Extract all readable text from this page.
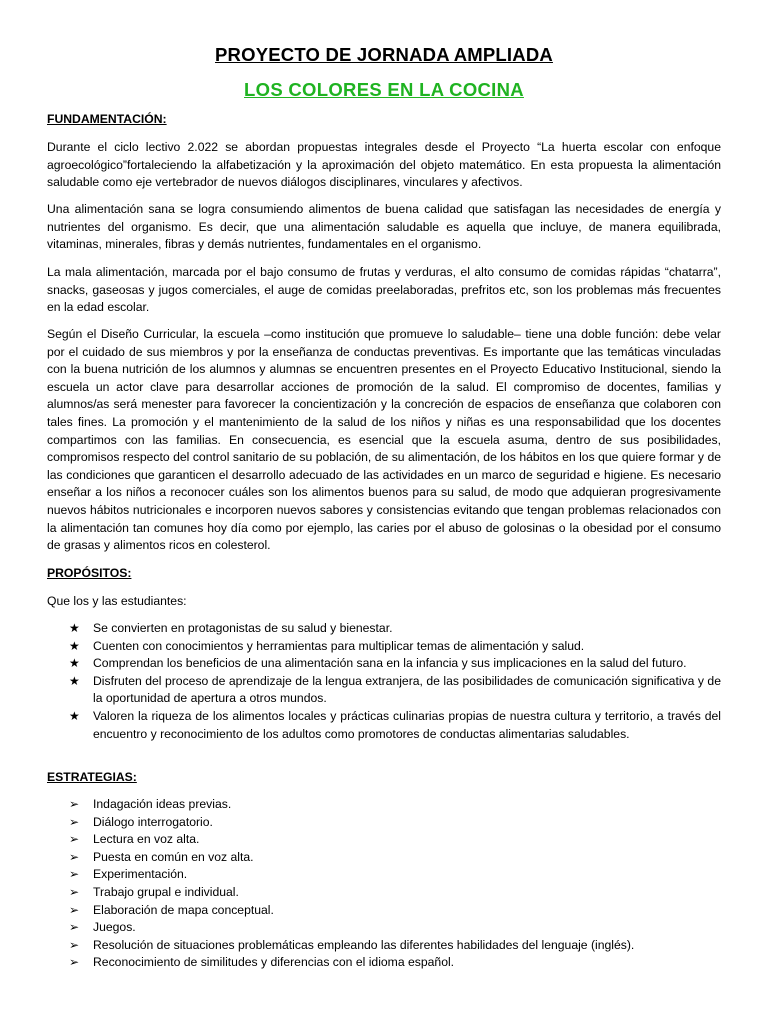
PROYECTO DE JORNADA AMPLIADA
LOS COLORES EN LA COCINA
FUNDAMENTACIÓN:
Durante el ciclo lectivo 2.022 se abordan propuestas integrales desde el Proyecto “La huerta escolar con enfoque agroecológico”fortaleciendo la alfabetización y la aproximación del objeto matemático. En esta propuesta la alimentación saludable como eje vertebrador de nuevos diálogos disciplinares, vinculares y afectivos.
Una alimentación sana se logra consumiendo alimentos de buena calidad que satisfagan las necesidades de energía y nutrientes del organismo. Es decir, que una alimentación saludable es aquella que incluye, de manera equilibrada, vitaminas, minerales, fibras y demás nutrientes, fundamentales en el organismo.
La mala alimentación, marcada por el bajo consumo de frutas y verduras, el alto consumo de comidas rápidas “chatarra”, snacks, gaseosas y jugos comerciales, el auge de comidas preelaboradas, prefritos etc, son los problemas más frecuentes en la edad escolar.
Según el Diseño Curricular, la escuela –como institución que promueve lo saludable– tiene una doble función: debe velar por el cuidado de sus miembros y por la enseñanza de conductas preventivas. Es importante que las temáticas vinculadas con la buena nutrición de los alumnos y alumnas se encuentren presentes en el Proyecto Educativo Institucional, siendo la escuela un actor clave para desarrollar acciones de promoción de la salud. El compromiso de docentes, familias y alumnos/as será menester para favorecer la concientización y la concreción de espacios de enseñanza que colaboren con tales fines. La promoción y el mantenimiento de la salud de los niños y niñas es una responsabilidad que los docentes compartimos con las familias. En consecuencia, es esencial que la escuela asuma, dentro de sus posibilidades, compromisos respecto del control sanitario de su población, de su alimentación, de los hábitos en los que quiere formar y de las condiciones que garanticen el desarrollo adecuado de las actividades en un marco de seguridad e higiene. Es necesario enseñar a los niños a reconocer cuáles son los alimentos buenos para su salud, de modo que adquieran progresivamente nuevos hábitos nutricionales e incorporen nuevos sabores y consistencias evitando que tengan problemas relacionados con la alimentación tan comunes hoy día como por ejemplo, las caries por el abuso de golosinas o la obesidad por el consumo de grasas y alimentos ricos en colesterol.
PROPÓSITOS:
Que los y las estudiantes:
★ Se convierten en protagonistas de su salud y bienestar.
★ Cuenten con conocimientos y herramientas para multiplicar temas de alimentación y salud.
★ Comprendan los beneficios de una alimentación sana en la infancia y sus implicaciones en la salud del futuro.
★ Disfruten del proceso de aprendizaje de la lengua extranjera, de las posibilidades de comunicación significativa y de la oportunidad de apertura a otros mundos.
★ Valoren la riqueza de los alimentos locales y prácticas culinarias propias de nuestra cultura y territorio, a través del encuentro y reconocimiento de los adultos como promotores de conductas alimentarias saludables.
ESTRATEGIAS:
➢ Indagación ideas previas.
➢ Diálogo interrogatorio.
➢ Lectura en voz alta.
➢ Puesta en común en voz alta.
➢ Experimentación.
➢ Trabajo grupal e individual.
➢ Elaboración de mapa conceptual.
➢ Juegos.
➢ Resolución de situaciones problemáticas empleando las diferentes habilidades del lenguaje (inglés).
➢ Reconocimiento de similitudes y diferencias con el idioma español.
